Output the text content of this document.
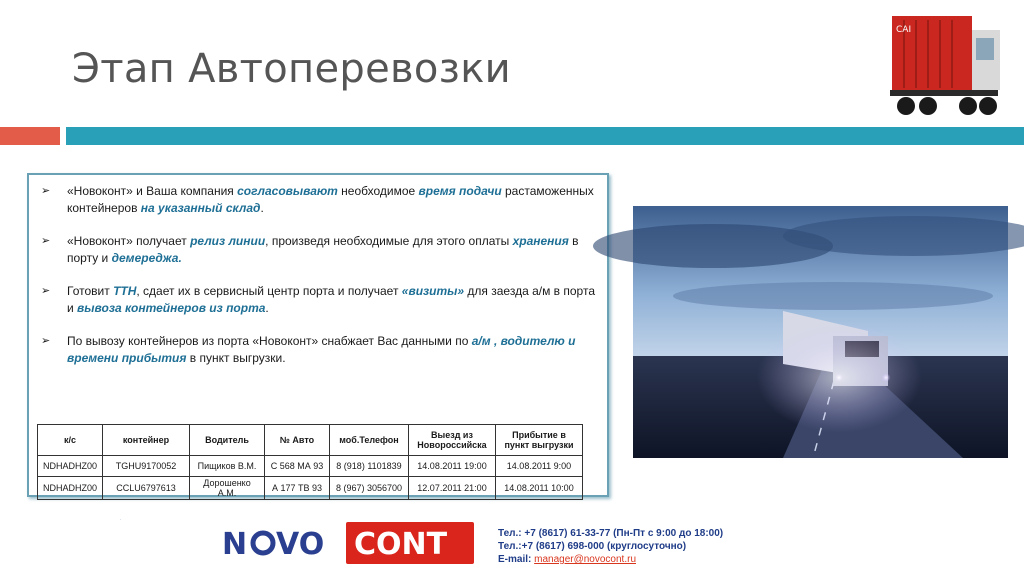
Этап Автоперевозки
CAI
➢ «Новоконт» и Ваша компания согласовывают необходимое время подачи растаможенных контейнеров на указанный склад.
➢ «Новоконт» получает релиз линии, произведя необходимые для этого оплаты хранения в порту и демереджа.
➢ Готовит ТТН, сдает их в сервисный центр порта и получает «визиты» для заезда а/м в порта и вывоза контейнеров из порта.
➢ По вывозу контейнеров из порта «Новоконт» снабжает Вас данными по а/м , водителю и времени прибытия в пункт выгрузки.
к/с	контейнер	Водитель	№ Авто	моб.Телефон	Выезд из Новороссийска	Прибытие в пункт выгрузки
NDHADHZ00	TGHU9170052	Пищиков В.М.	С 568 МА 93	8 (918) 1101839	14.08.2011 19:00	14.08.2011 9:00
NDHADHZ00	CCLU6797613	Дорошенко А.М.	А 177 ТВ 93	8 (967) 3056700	12.07.2011 21:00	14.08.2011 10:00
N
O
VO CONT	Тел.: +7 (8617) 61-33-77 (Пн-Пт с 9:00 до 18:00)
Тел.:+7 (8617) 698-000 (круглосуточно)
E-mail: manager@novocont.ru
